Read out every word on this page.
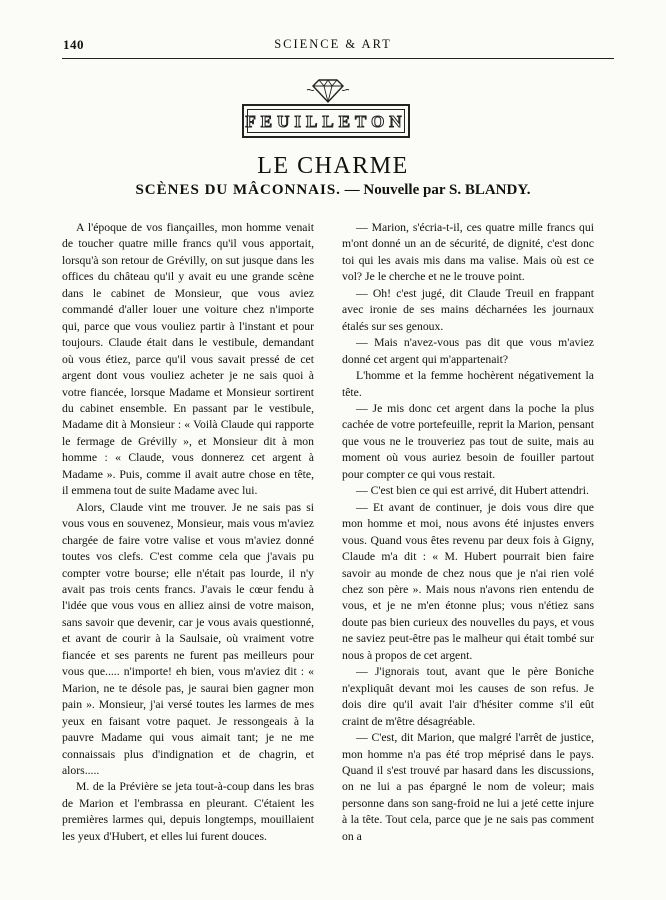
140	SCIENCE & ART
FEUILLETON
LE CHARME
SCÈNES DU MÂCONNAIS. — Nouvelle par S. BLANDY.

A l'époque de vos fiançailles, mon homme venait de toucher quatre mille francs qu'il vous apportait, lorsqu'à son retour de Grévilly, on sut jusque dans les offices du château qu'il y avait eu une grande scène dans le cabinet de Monsieur, que vous aviez commandé d'aller louer une voiture chez n'importe qui, parce que vous vouliez partir à l'instant et pour toujours. Claude était dans le vestibule, demandant où vous étiez, parce qu'il vous savait pressé de cet argent dont vous vouliez acheter je ne sais quoi à votre fiancée, lorsque Madame et Monsieur sortirent du cabinet ensemble. En passant par le vestibule, Madame dit à Monsieur : « Voilà Claude qui rapporte le fermage de Grévilly », et Monsieur dit à mon homme : « Claude, vous donnerez cet argent à Madame ». Puis, comme il avait autre chose en tête, il emmena tout de suite Madame avec lui.

Alors, Claude vint me trouver. Je ne sais pas si vous vous en souvenez, Monsieur, mais vous m'aviez chargée de faire votre valise et vous m'aviez donné toutes vos clefs. C'est comme cela que j'avais pu compter votre bourse; elle n'était pas lourde, il n'y avait pas trois cents francs. J'avais le cœur fendu à l'idée que vous vous en alliez ainsi de votre maison, sans savoir que devenir, car je vous avais questionné, et avant de courir à la Saulsaie, où vraiment votre fiancée et ses parents ne furent pas meilleurs pour vous que..... n'importe! eh bien, vous m'aviez dit : « Marion, ne te désole pas, je saurai bien gagner mon pain ». Monsieur, j'ai versé toutes les larmes de mes yeux en faisant votre paquet. Je ressongeais à la pauvre Madame qui vous aimait tant; je ne me connaissais plus d'indignation et de chagrin, et alors.....

M. de la Prévière se jeta tout-à-coup dans les bras de Marion et l'embrassa en pleurant. C'étaient les premières larmes qui, depuis longtemps, mouillaient les yeux d'Hubert, et elles lui furent douces.

— Marion, s'écria-t-il, ces quatre mille francs qui m'ont donné un an de sécurité, de dignité, c'est donc toi qui les avais mis dans ma valise. Mais où est ce vol? Je le cherche et ne le trouve point.

— Oh! c'est jugé, dit Claude Treuil en frappant avec ironie de ses mains décharnées les journaux étalés sur ses genoux.

— Mais n'avez-vous pas dit que vous m'aviez donné cet argent qui m'appartenait?

L'homme et la femme hochèrent négativement la tête.

— Je mis donc cet argent dans la poche la plus cachée de votre portefeuille, reprit la Marion, pensant que vous ne le trouveriez pas tout de suite, mais au moment où vous auriez besoin de fouiller partout pour compter ce qui vous restait.

— C'est bien ce qui est arrivé, dit Hubert attendri.

— Et avant de continuer, je dois vous dire que mon homme et moi, nous avons été injustes envers vous. Quand vous êtes revenu par deux fois à Gigny, Claude m'a dit : « M. Hubert pourrait bien faire savoir au monde de chez nous que je n'ai rien volé chez son père ». Mais nous n'avons rien entendu de vous, et je ne m'en étonne plus; vous n'étiez sans doute pas bien curieux des nouvelles du pays, et vous ne saviez peut-être pas le malheur qui était tombé sur nous à propos de cet argent.

— J'ignorais tout, avant que le père Boniche n'expliquât devant moi les causes de son refus. Je dois dire qu'il avait l'air d'hésiter comme s'il eût craint de m'être désagréable.

— C'est, dit Marion, que malgré l'arrêt de justice, mon homme n'a pas été trop méprisé dans le pays. Quand il s'est trouvé par hasard dans les discussions, on ne lui a pas épargné le nom de voleur; mais personne dans son sang-froid ne lui a jeté cette injure à la tête. Tout cela, parce que je ne sais pas comment on a
